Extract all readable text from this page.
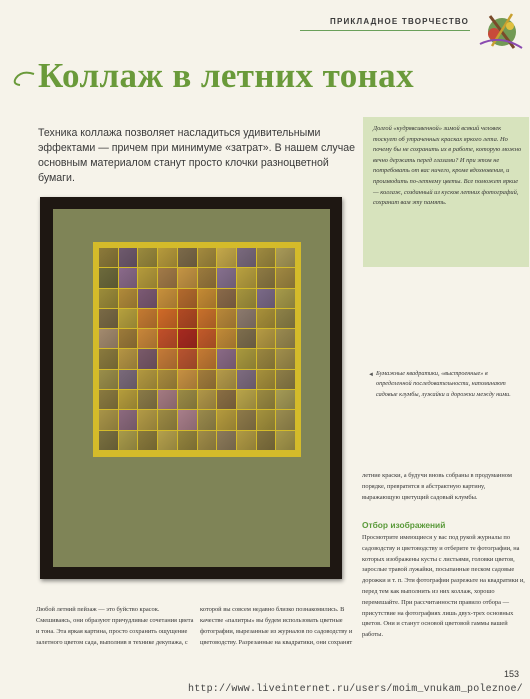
ПРИКЛАДНОЕ ТВОРЧЕСТВО
Коллаж в летних тонах
Техника коллажа позволяет насладиться удивительными эффектами — причем при минимуме «затрат». В нашем случае основным материалом станут просто клочки разноцветной бумаги.
Долгой «кудрявсивенной» зимой всякий человек тоскует об утраченных красках яркого лета. Но почему бы не сохранить их в работе, которую можно вечно держать перед глазами? И при этом не потребовать от вас ничего, кроме вдохновения, и производить по-летнему цветы. Все поможет яркие — коллаж, созданный из кусков летних фотографий, сохранит вам эту память.
◄ Бумажные квадратики, «выстроенные» в определенной последовательности, напоминают садовые клумбы, лужайки и дорожки между ними.
летние краски, а будучи вновь собраны в продуманном порядке, превратятся в абстрактную картину, выражающую цветущий садовый клумбы.
Отбор изображений
Просмотрите имеющиеся у вас под рукой журналы по садоводству и цветоводству и отберите те фотографии, на которых изображены кусты с листьями, головки цветов, зарослые травой лужайки, посыпанные песком садовые дорожки и т. п. Эти фотографии разрежьте на квадратики и, перед тем как выполнить из них коллаж, хорошо перемешайте. При рассчитанности правило отбора — присутствие на фотографиях лишь двух-трех основных цветов. Они и станут основой цветовой гаммы вашей работы.
Любой летний пейзаж — это буйство красок. Смешиваясь, они образуют причудливые сочетания цвета и тона. Эта яркая картина, просто сохранить ощущение залетного цветом сада, выполнив в технике декупажа, с
которой вы совсем недавно близко познакомились. В качестве «палитры» вы будем использовать цветные фотографии, вырезанные из журналов по садоводству и цветоводству. Разрезанные на квадратики, они сохранят
153
http://www.liveinternet.ru/users/moim_vnukam_poleznoe/
